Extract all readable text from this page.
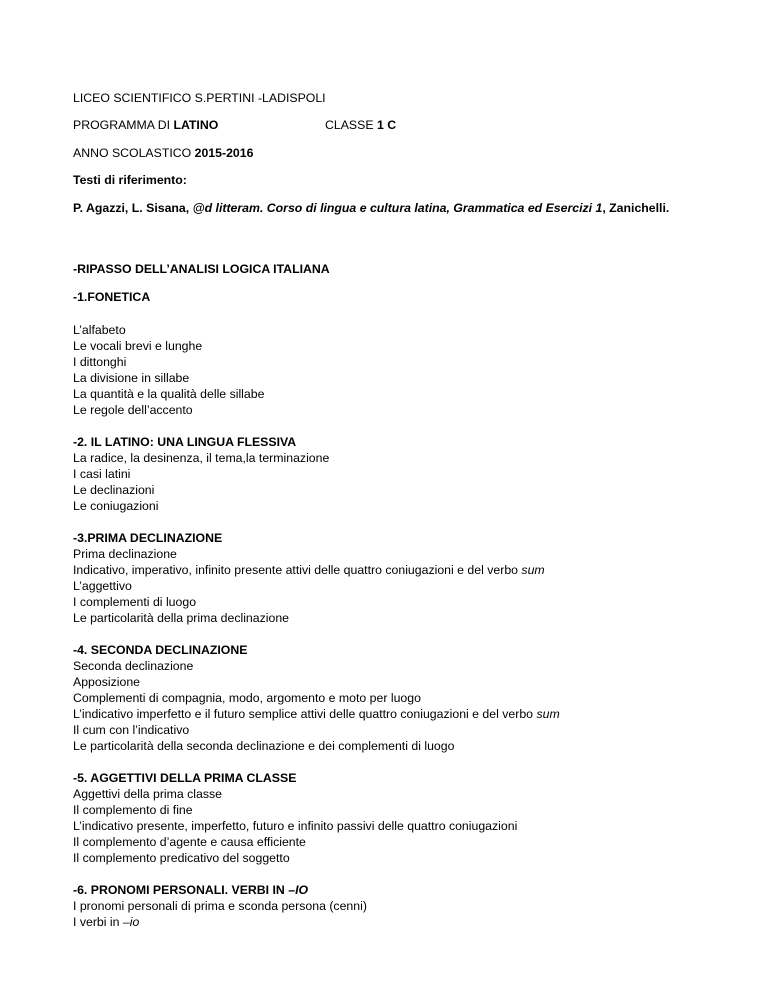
LICEO SCIENTIFICO S.PERTINI -LADISPOLI
PROGRAMMA DI LATINO	CLASSE 1 C
ANNO SCOLASTICO 2015-2016
Testi di riferimento:
P. Agazzi, L. Sisana, @d litteram. Corso di lingua e cultura latina, Grammatica ed Esercizi 1, Zanichelli.
-RIPASSO DELL’ANALISI LOGICA ITALIANA
-1.FONETICA
L’alfabeto
Le vocali brevi e lunghe
I dittonghi
La divisione in sillabe
La quantità e la qualità delle sillabe
Le regole dell’accento
-2. IL LATINO: UNA LINGUA FLESSIVA
La radice, la desinenza, il tema,la terminazione
I casi latini
Le declinazioni
Le coniugazioni
-3.PRIMA DECLINAZIONE
Prima declinazione
Indicativo, imperativo, infinito presente attivi delle quattro coniugazioni e del verbo sum
L’aggettivo
I complementi di luogo
Le particolarità della prima declinazione
-4. SECONDA DECLINAZIONE
Seconda declinazione
Apposizione
Complementi di compagnia, modo, argomento e moto per luogo
L’indicativo imperfetto e il futuro semplice attivi delle quattro coniugazioni e del verbo sum
Il cum con l’indicativo
Le particolarità della seconda declinazione e dei complementi di luogo
-5. AGGETTIVI DELLA PRIMA CLASSE
Aggettivi della prima classe
Il complemento di fine
L’indicativo presente, imperfetto, futuro e infinito passivi delle quattro coniugazioni
Il complemento d’agente e causa efficiente
Il complemento predicativo del soggetto
-6. PRONOMI PERSONALI. VERBI IN –IO
I pronomi personali di prima e sconda persona (cenni)
I verbi in –io
